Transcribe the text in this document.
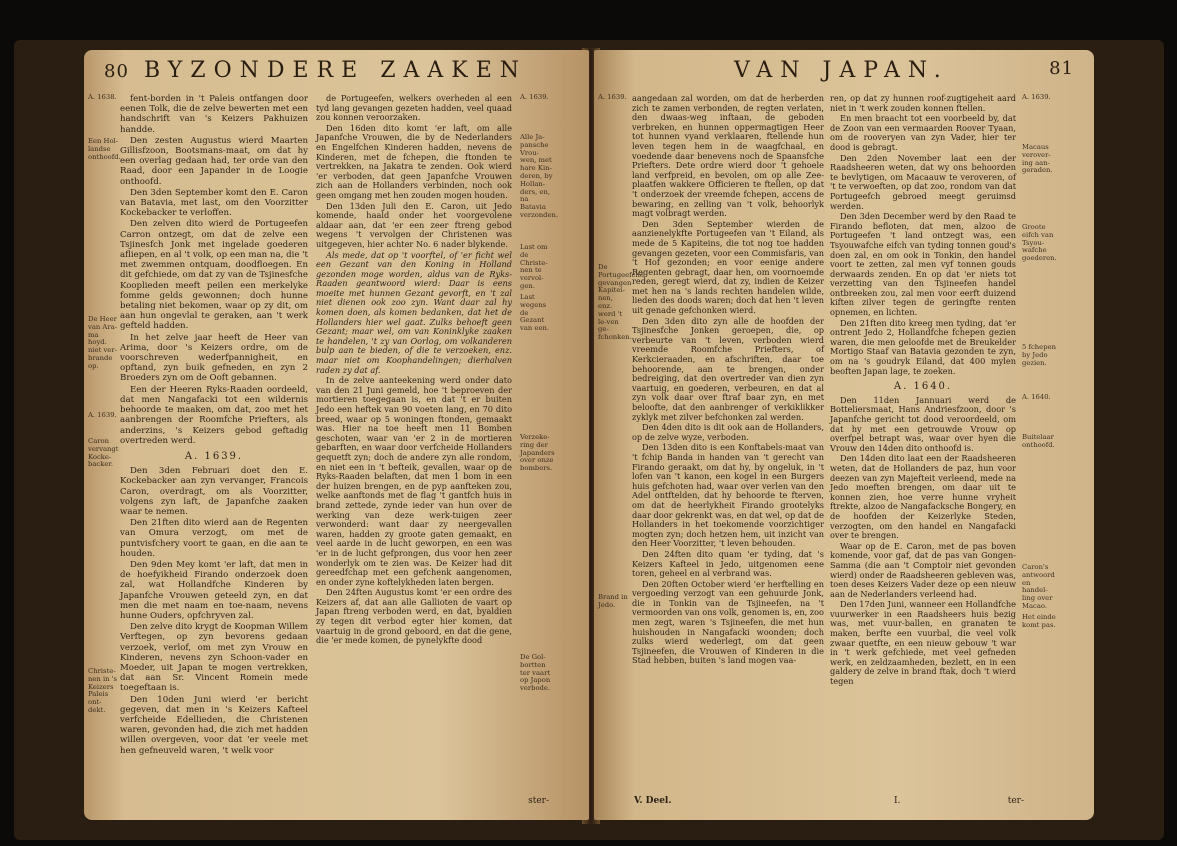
80 BYZONDERE ZAAKEN
A. 1638.
Een Hol-landse onthoofd.
De Heer van Ara-ma hoyd. niet ver-brande op.
A. 1639.
Caron vervangt Kocke-backer.
Christe-nen in 's Keizers Paleis ont-dekt.

fent-borden in 't Paleis ontfangen door eenen Tolk, die de zelve bewerten met een handschrift van 's Keizers Pakhuizen handde.

Den zesten Augustus wierd Maarten Gillisfzoon, Bootsmans-maat, om dat hy een overlag gedaan had, ter orde van den Raad, door een Japander in de Loogie onthoofd.

Den 3den September komt den E. Caron van Batavia, met last, om den Voorzitter Kockebacker te verloffen.

Den zelven dito wierd de Portugeefen Carron ontzegt, om dat de zelve een Tsjinesfch Jonk met ingelade goederen afliepen, en al 't volk, op een man na, die 't met zwemmen ontquam, doodfloegen. En dit gefchiede, om dat zy van de Tsjinesfche Kooplieden meeft peilen een merkelyke fomme gelds gewonnen; doch hunne betaling niet bekomen, waar op zy dit, om aan hun ongevlal te geraken, aan 't werk gefteld hadden.

In het zelve jaar heeft de Heer van Arima, door 's Keizers ordre, om de voorschreven wederfpannigheit, en opftand, zyn buik gefneden, en zyn 2 Broeders zyn om de Ooft gebannen.

Een der Heeren Ryks-Raaden oordeeld, dat men Nangafacki tot een wildernis behoorde te maaken, om dat, zoo met het aanbrengen der Roomfche Priefters, als anderzins, 's Keizers gebod geftadig overtreden werd.

A. 1639.

Den 3den Februari doet den E. Kockebacker aan zyn vervanger, Francois Caron, overdragt, om als Voorzitter, volgens zyn laft, de Japanfche zaaken waar te nemen.

Den 21ften dito wierd aan de Regenten van Omura verzogt, om met de puntvisfchery voort te gaan, en die aan te houden.

Den 9den Mey komt 'er laft, dat men in de hoefyikheid Firando onderzoek doen zal, wat Hollandfche Kinderen by Japanfche Vrouwen geteeld zyn, en dat men die met naam en toe-naam, nevens hunne Ouders, opfchryven zal.

Den zelve dito krygt de Koopman Willem Verftegen, op zyn bevorens gedaan verzoek, verlof, om met zyn Vrouw en Kinderen, nevens zyn Schoon-vader en Moeder, uit Japan te mogen vertrekken, dat aan Sr. Vincent Romein mede toegeftaan is.

Den 10den Juni wierd 'er bericht gegeven, dat men in 's Keizers Kafteel verfcheide Edellieden, die Christenen waren, gevonden had, die zich met hadden willen overgeven, voor dat 'er veele met hen gefneuveld waren, 't welk voor

de Portugeefen, welkers overheden al een tyd lang gevangen gezeten hadden, veel quaad zou konnen veroorzaken.

Den 16den dito komt 'er laft, om alle Japanfche Vrouwen, die by de Nederlanders en Engelfchen Kinderen hadden, nevens de Kinderen, met de fchepen, die ftonden te vertrekken, na Jakatra te zenden. Ook wierd 'er verboden, dat geen Japanfche Vrouwen zich aan de Hollanders verbinden, noch ook geen omgang met hen zouden mogen houden.

Den 13den Juli den E. Caron, uit Jedo komende, haald onder het voorgevolene aldaar aan, dat 'er een zeer ftreng gebod wegens 't vervolgen der Christenen was uitgegeven, hier achter No. 6 nader blykende.

Als mede, dat op 't voorftel, of 'er ficht wel een Gezant van den Koning in Holland gezonden moge worden, aldus van de Ryks-Raaden geantwoord wierd: Daar is eens moeite met hunnen Gezant gevorft, en 't zal niet dienen ook zoo zyn. Want daar zal hy komen doen, als komen bedanken, dat het de Hollanders hier wel gaat. Zulks behoeft geen Gezant; maar wel, om van Koninklyke zaaken te handelen, 't zy van Oorlog, om volkanderen bulp aan te bieden, of die te verzoeken, enz. maar niet om Koophandelingen; dierhalven raden zy dat af.

In de zelve aanteekening werd onder dato van den 21 Juni gemeld, hoe 't beproeven der mortieren toegegaan is, en dat 't er buiten Jedo een heftek van 90 voeten lang, en 70 dito breed, waar op 5 woningen ftonden, gemaakt was. Hier na toe heeft men 11 Bomben geschoten, waar van 'er 2 in de mortieren gebarften, en waar door verfcheide Hollanders gequetft zyn; doch de andere zyn alle rondom, en niet een in 't befteik, gevallen, waar op de Ryks-Raaden belaften, dat men 1 bom in een der huizen brengen, en de pyp aanfteken zou, welke aanftonds met de flag 't gantfch huis in brand zettede, zynde ieder van hun over de werking van deze werk-tuigen zeer verwonderd: want daar zy neergevallen waren, hadden zy groote gaten gemaakt, en veel aarde in de lucht geworpen, en een was 'er in de lucht gefprongen, dus voor hen zeer wonderlyk om te zien was. De Keizer had dit gereedfchap met een gefchenk aangenomen, en onder zyne koftelykheden laten bergen.

Den 24ften Augustus komt 'er een ordre des Keizers af, dat aan alle Gallioten de vaart op Japan ftreng verboden werd, en dat, byaldien zy tegen dit verbod egter hier komen, dat vaartuig in de grond geboord, en dat die gene, die 'er mede komen, de pynelykfte dood

A. 1639.
Alle Ja-pansche Vrou-wen, met hare Kin-deren, by Hollan-ders, en, na Batavia verzonden.
Last om de Christe-nen te vervol-gen.
Last wegens de Gezant van een.
Verzeke-ring der Japanders over onze bombers.
De Gol-bortten ter vaart op Japon verbode.
ster-
VAN JAPAN.	81
A. 1639.
De Portugeefche gevangen Kapitei-nen, enz. werd 't le-ven ge-fchonken.
Brand in Jedo.

aangedaan zal worden, om dat de herberden zich te zamen verbonden, de regten verlaten, den dwaas-weg inftaan, de geboden verbreken, en hunnen oppermagtigen Heer tot hunnen vyand verklaaren, ftellende hun leven tegen hem in de waagfchaal, en voedende daar benevens noch de Spaansfche Priefters. Dete ordre wierd door 't gehoele land verfpreid, en bevolen, om op alle Zee-plaatfen wakkere Officieren te ftellen, op dat 't onderzoek der vreemde fchepen, accens de bewaring, en zelling van 't volk, behoorlyk magt volbragt werden.

Den 3den September wierden de aanzienelykfte Portugeefen van 't Eiland, als mede de 5 Kapiteins, die tot nog toe hadden gevangen gezeten, voor een Commisfaris, van 't Hof gezonden; en voor eenige andere Regenten gebragt, daar hen, om voornoemde reden, geregt wierd, dat zy, indien de Keizer met hen na 's lands rechten handelen wilde, lieden des doods waren; doch dat hen 't leven uit genade gefchonken wierd.

Den 3den dito zyn alle de hoofden der Tsjinesfche Jonken geroepen, die, op verbeurte van 't leven, verboden wierd vreemde Roomfche Priefters, of Kerkcieraaden, en afschriften, daar toe behoorende, aan te brengen, onder bedreiging, dat den overtreder van dien zyn vaartuig, en goederen, verbeuren, en dat al zyn volk daar over ftraf baar zyn, en met beloofte, dat den aanbrenger of verkiklikker zyklyk met zilver befchonken zal werden.

Den 4den dito is dit ook aan de Hollanders, op de zelve wyze, verboden.

Den 13den dito is een Konftabels-maat van 't fchip Banda in handen van 't gerecht van Firando geraakt, om dat hy, by ongeluk, in 't lofen van 't kanon, een kogel in een Burgers huis gefchoten had, waar over verlen van den Adel ontftelden, dat hy behoorde te fterven, om dat de heerlykheit Firando grootelyks daar door gekrenkt was, en dat wel, op dat de Hollanders in het toekomende voorzichtiger mogten zyn; doch hetzen hem, uit inzicht van den Heer Voorzitter, 't leven behouden.

Den 24ften dito quam 'er tyding, dat 's Keizers Kafteel in Jedo, uitgenomen eene toren, geheel en al verbrand was.

Den 20ften October wierd 'er herftelling en vergoeding verzogt van een gehuurde Jonk, die in Tonkin van de Tsjineefen, na 't vermoorden van ons volk, genomen is, en, zoo men zegt, waren 's Tsjineefen, die met hun huishouden in Nangafacki woonden; doch zulks wierd wederlegt, om dat geen Tsjineefen, die Vrouwen of Kinderen in die Stad hebben, buiten 's land mogen vaa-

ren, op dat zy hunnen roof-zugtigeheit aard niet in 't werk zouden konnen ftellen.

En men braacht tot een voorbeeld by, dat de Zoon van een vermaarden Roover Tyaan, om de rooveryen van zyn Vader, hier ter dood is gebragt.

Den 2den November laat een der Raadsheeren weten, dat wy ons behoorden te bevlytigen, om Macaauw te veroveren, of 't te verwoeften, op dat zoo, rondom van dat Portugeefch gebroed meegt geruimsd werden.

Den 3den December werd by den Raad te Firando befloten, dat men, alzoo de Portugeefen 't land ontzegt was, een Tsyouwafche eifch van tyding tonnen goud's doen zal, en om ook in Tonkin, den handel voort te zetten, zal men vyf tonnen gouds derwaards zenden. En op dat 'er niets tot verzetting van den Tsjineefen handel ontbreeken zou, zal men voor eerft duizend kiften zilver tegen de geringfte renten opnemen, en lichten.

Den 21ften dito kreeg men tyding, dat 'er ontrent Jedo 2, Hollandfche fchepen gezien waren, die men geloofde met de Breukelder Mortigo Staaf van Batavia gezonden te zyn, om na 's goudryk Eiland, dat 400 mylen beoften Japan lage, te zoeken.

A. 1640.

Den 11den Jannuari werd de Botteliersmaat, Hans Andriesfzoon, door 's Japanfche gericht tot dood veroordeeld, om dat hy met een getrouwde Vrouw op overfpel betrapt was, waar over hyen die Vrouw den 14den dito onthoofd is.

Den 14den dito laat een der Raadsheeren weten, dat de Hollanders de paz, hun voor deezen van zyn Majefteit verleend, mede na Jedo moeften brengen, om daar uit te konnen zien, hoe verre hunne vryheit ftrekte, alzoo de Nangafacksche Bongery, en de hoofden der Keizerlyke Steden, verzogten, om den handel en Nangafacki over te brengen.

Waar op de E. Caron, met de pas boven komende, voor gaf, dat de pas van Gongen-Samma (die aan 't Comptoir niet gevonden wierd) onder de Raadsheeren gebleven was, toen deses Keizers Vader deze op een nieuw aan de Nederlanders verleend had.

Den 17den Juni, wanneer een Hollandfche vuurwerker in een Raadsheers huis bezig was, met vuur-ballen, en granaten te maken, berfte een vuurbal, die veel volk zwaar quetfte, en een nieuw gebouw 't war in 't werk gefchiede, met veel gefneden werk, en zeldzaamheden, bezlett, en in een galdery de zelve in brand ftak, doch 't wierd tegen

A. 1639.
Macaus verover-ing aan-geraden.
Groote eifch van Tsyou-wafche goederen.
5 fchepen by Jedo gezien.
A. 1640.
Buitelaar onthoofd.
Caron's antwoord en handel-ling over Macao.
Het einde komt pas.
V. Deel.	I.	ter-
